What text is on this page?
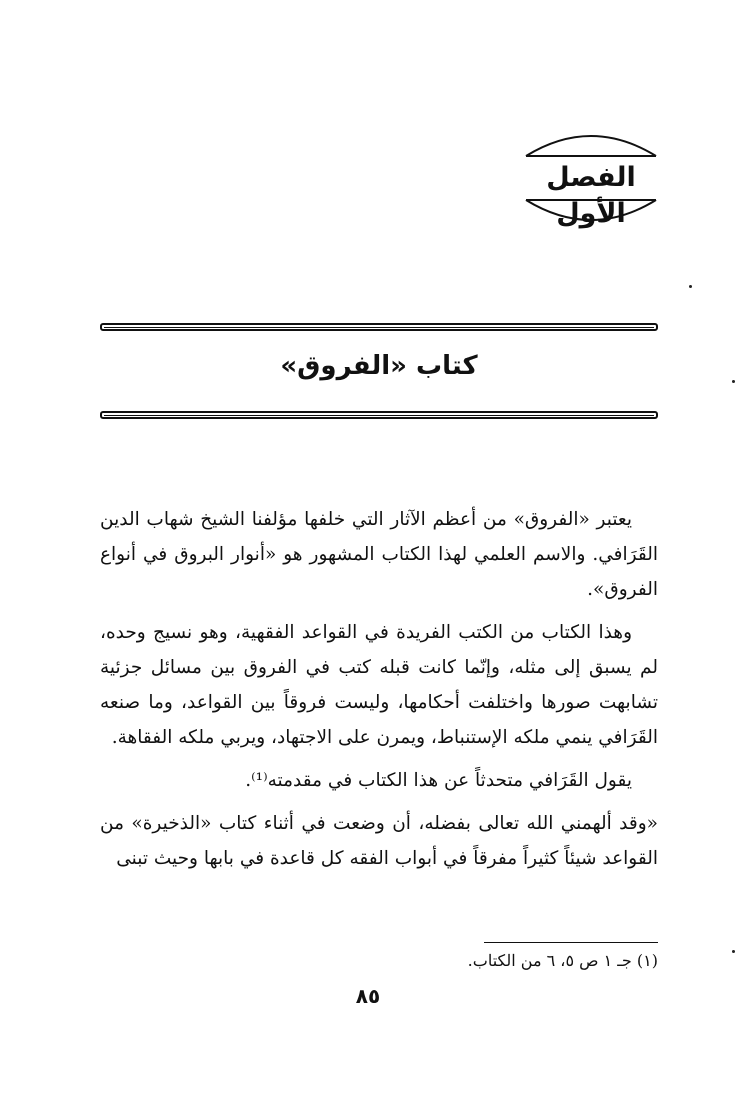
الفصل الأول
كتاب «الفروق»

يعتبر «الفروق» من أعظم الآثار التي خلفها مؤلفنا الشيخ شهاب الدين القَرَافي. والاسم العلمي لهذا الكتاب المشهور هو «أنوار البروق في أنواع الفروق».

وهذا الكتاب من الكتب الفريدة في القواعد الفقهية، وهو نسيج وحده، لم يسبق إلى مثله، وإنّما كانت قبله كتب في الفروق بين مسائل جزئية تشابهت صورها واختلفت أحكامها، وليست فروقاً بين القواعد، وما صنعه القَرَافي ينمي ملكه الإستنباط، ويمرن على الاجتهاد، ويربي ملكه الفقاهة.

يقول القَرَافي متحدثاً عن هذا الكتاب في مقدمته⁽¹⁾.

«وقد ألهمني الله تعالى بفضله، أن وضعت في أثناء كتاب «الذخيرة» من القواعد شيئاً كثيراً مفرقاً في أبواب الفقه كل قاعدة في بابها وحيث تبنى

(١) جـ ١ ص ٥، ٦ من الكتاب.
٨٥
